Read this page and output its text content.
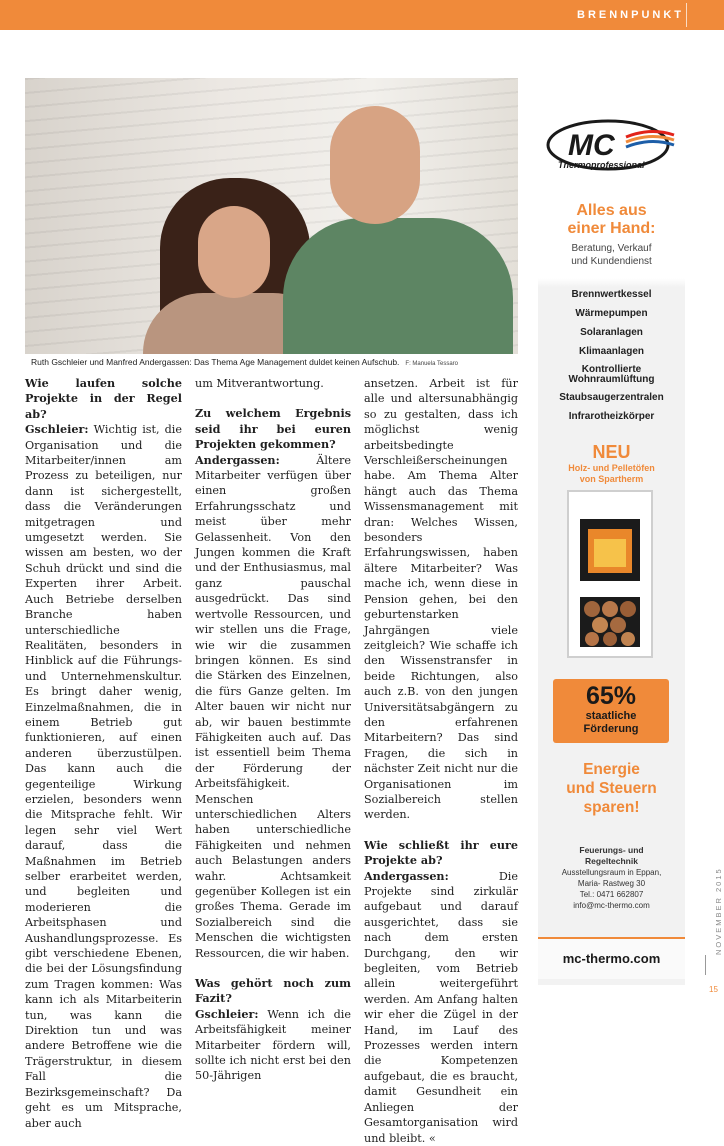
BRENNPUNKT
Ruth Gschleier und Manfred Andergassen: Das Thema Age Management duldet keinen Aufschub. F: Manuela Tessaro

Wie laufen solche Projekte in der Regel ab?

Gschleier: Wichtig ist, die Organisation und die Mitarbeiter/innen am Prozess zu beteiligen, nur dann ist sichergestellt, dass die Veränderungen mitgetragen und umgesetzt werden. Sie wissen am besten, wo der Schuh drückt und sind die Experten ihrer Arbeit. Auch Betriebe derselben Branche haben unterschiedliche Realitäten, besonders in Hinblick auf die Führungs- und Unternehmenskultur. Es bringt daher wenig, Einzelmaßnahmen, die in einem Betrieb gut funktionieren, auf einen anderen überzustülpen. Das kann auch die gegenteilige Wirkung erzielen, besonders wenn die Mitsprache fehlt. Wir legen sehr viel Wert darauf, dass die Maßnahmen im Betrieb selber erarbeitet werden, und begleiten und moderieren die Arbeitsphasen und Aushandlungsprozesse. Es gibt verschiedene Ebenen, die bei der Lösungsfindung zum Tragen kommen: Was kann ich als Mitarbeiterin tun, was kann die Direktion tun und was andere Betroffene wie die Trägerstruktur, in diesem Fall die Bezirksgemeinschaft? Da geht es um Mitsprache, aber auch

um Mitverantwortung.

Zu welchem Ergebnis seid ihr bei euren Projekten gekommen?

Andergassen: Ältere Mitarbeiter verfügen über einen großen Erfahrungsschatz und meist über mehr Gelassenheit. Von den Jungen kommen die Kraft und der Enthusiasmus, mal ganz pauschal ausgedrückt. Das sind wertvolle Ressourcen, und wir stellen uns die Frage, wie wir die zusammen bringen können. Es sind die Stärken des Einzelnen, die fürs Ganze gelten. Im Alter bauen wir nicht nur ab, wir bauen bestimmte Fähigkeiten auch auf. Das ist essentiell beim Thema der Förderung der Arbeitsfähigkeit. Menschen unterschiedlichen Alters haben unterschiedliche Fähigkeiten und nehmen auch Belastungen anders wahr. Achtsamkeit gegenüber Kollegen ist ein großes Thema. Gerade im Sozialbereich sind die Menschen die wichtigsten Ressourcen, die wir haben.

Was gehört noch zum Fazit?

Gschleier: Wenn ich die Arbeitsfähigkeit meiner Mitarbeiter fördern will, sollte ich nicht erst bei den 50-Jährigen

ansetzen. Arbeit ist für alle und altersunabhängig so zu gestalten, dass ich möglichst wenig arbeitsbedingte Verschleißerscheinungen habe. Am Thema Alter hängt auch das Thema Wissensmanagement mit dran: Welches Wissen, besonders Erfahrungswissen, haben ältere Mitarbeiter? Was mache ich, wenn diese in Pension gehen, bei den geburtenstarken Jahrgängen viele zeitgleich? Wie schaffe ich den Wissenstransfer in beide Richtungen, also auch z.B. von den jungen Universitätsabgängern zu den erfahrenen Mitarbeitern? Das sind Fragen, die sich in nächster Zeit nicht nur die Organisationen im Sozialbereich stellen werden.

Wie schließt ihr eure Projekte ab?

Andergassen: Die Projekte sind zirkulär aufgebaut und darauf ausgerichtet, dass sie nach dem ersten Durchgang, den wir begleiten, vom Betrieb allein weitergeführt werden. Am Anfang halten wir eher die Zügel in der Hand, im Lauf des Prozesses werden intern die Kompetenzen aufgebaut, die es braucht, damit Gesundheit ein Anliegen der Gesamtorganisation wird und bleibt. «

MC
Thermoprofessional
Alles aus
einer Hand:
Beratung, Verkauf
und Kundendienst
Brennwertkessel
Wärmepumpen
Solaranlagen
Klimaanlagen
Kontrollierte
Wohnraumlüftung
Staubsaugerzentralen
Infrarotheizkörper
NEU
Holz- und Pelletöfen
von Spartherm
65%
staatliche
Förderung
Energie
und Steuern
sparen!
Feuerungs- und
Regeltechnik
Ausstellungsraum in Eppan,
Maria- Rastweg 30
Tel.: 0471 662807
info@mc-thermo.com
mc-thermo.com
NOVEMBER 2015
15
